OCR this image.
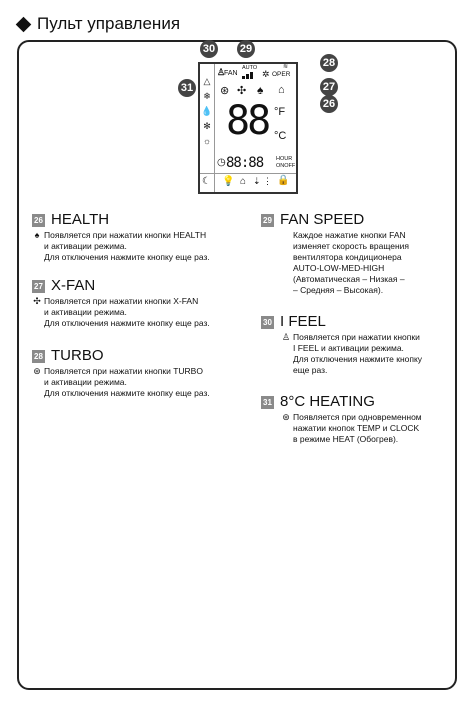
Пульт управления
△
❄
💧
✻
☼
♙
FAN
AUTO
✲ OPER
≋
⊛ ✣ ♠ ⌂
88 °F
°C
◷ 88:88 HOUR
ONOFF
☾ 💡 ⌂ ⇣ ⋮ 🔒
30 29
28
27
26
31
26 HEALTH
♠ Появляется при нажатии кнопки HEALTH
и активации режима.
Для отключения нажмите кнопку еще раз.
27 X-FAN
✣ Появляется при нажатии кнопки X-FAN
и активации режима.
Для отключения нажмите кнопку еще раз.
28 TURBO
⊛ Появляется при нажатии кнопки TURBO
и активации режима.
Для отключения нажмите кнопку еще раз.
29 FAN SPEED
Каждое нажатие кнопки FAN
изменяет скорость вращения
вентилятора кондиционера
AUTO-LOW-MED-HIGH
(Автоматическая – Низкая –
– Средняя – Высокая).
30 I FEEL
♙ Появляется при нажатии кнопки
I FEEL и активации режима.
Для отключения нажмите кнопку
еще раз.
31 8°C HEATING
⊛ Появляется при одновременном
нажатии кнопок TEMP и CLOCK
в режиме HEAT (Обогрев).
